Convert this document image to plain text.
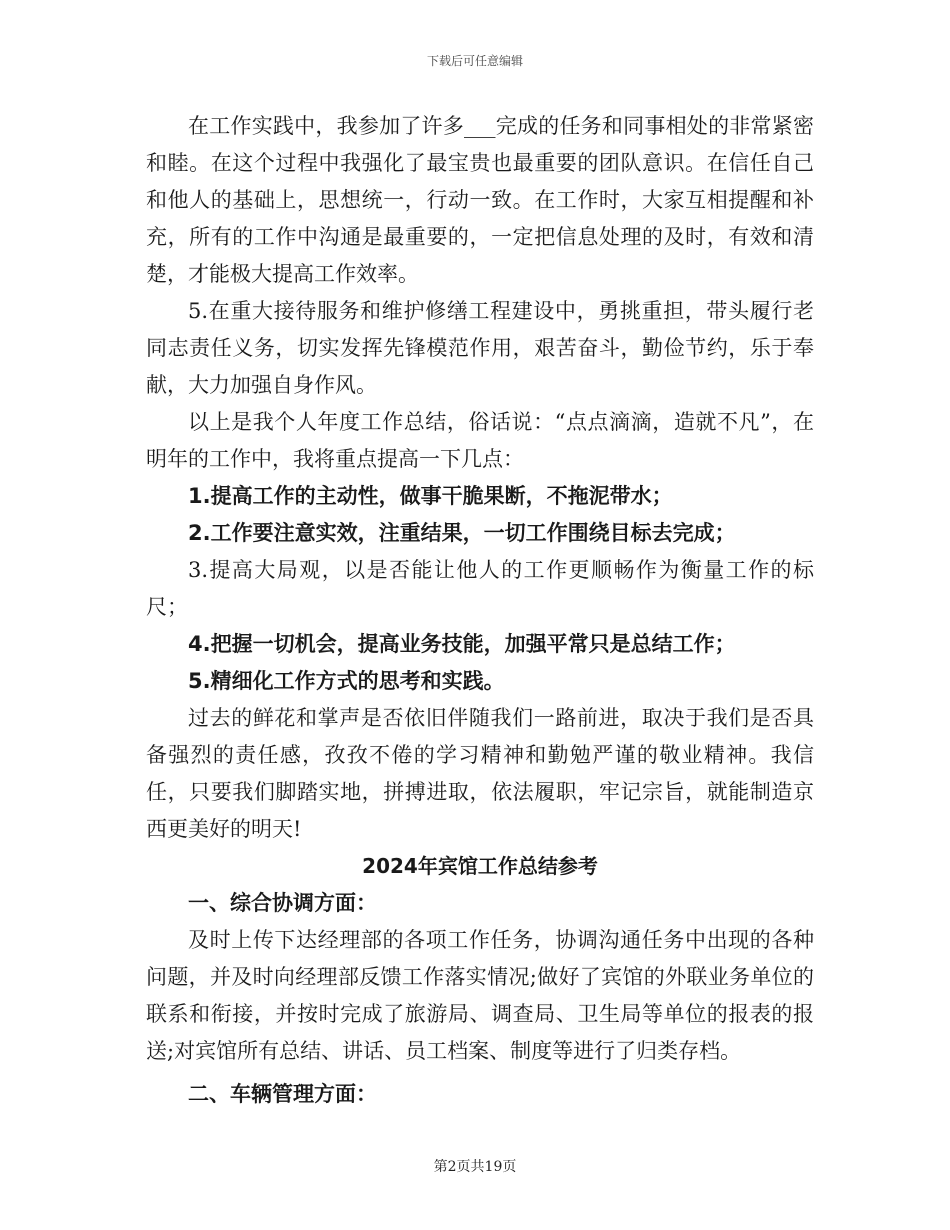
下载后可任意编辑

在工作实践中，我参加了许多___完成的任务和同事相处的非常紧密和睦。在这个过程中我强化了最宝贵也最重要的团队意识。在信任自己和他人的基础上，思想统一，行动一致。在工作时，大家互相提醒和补充，所有的工作中沟通是最重要的，一定把信息处理的及时，有效和清楚，才能极大提高工作效率。

5.在重大接待服务和维护修缮工程建设中，勇挑重担，带头履行老同志责任义务，切实发挥先锋模范作用，艰苦奋斗，勤俭节约，乐于奉献，大力加强自身作风。

以上是我个人年度工作总结，俗话说：“点点滴滴，造就不凡”，在明年的工作中，我将重点提高一下几点：

1.提高工作的主动性，做事干脆果断，不拖泥带水；

2.工作要注意实效，注重结果，一切工作围绕目标去完成；

3.提高大局观，以是否能让他人的工作更顺畅作为衡量工作的标尺；

4.把握一切机会，提高业务技能，加强平常只是总结工作；

5.精细化工作方式的思考和实践。

过去的鲜花和掌声是否依旧伴随我们一路前进，取决于我们是否具备强烈的责任感，孜孜不倦的学习精神和勤勉严谨的敬业精神。我信任，只要我们脚踏实地，拼搏进取，依法履职，牢记宗旨，就能制造京西更美好的明天!

2024年宾馆工作总结参考

一、综合协调方面：

及时上传下达经理部的各项工作任务，协调沟通任务中出现的各种问题，并及时向经理部反馈工作落实情况;做好了宾馆的外联业务单位的联系和衔接，并按时完成了旅游局、调查局、卫生局等单位的报表的报送;对宾馆所有总结、讲话、员工档案、制度等进行了归类存档。

二、车辆管理方面：

第2页共19页
